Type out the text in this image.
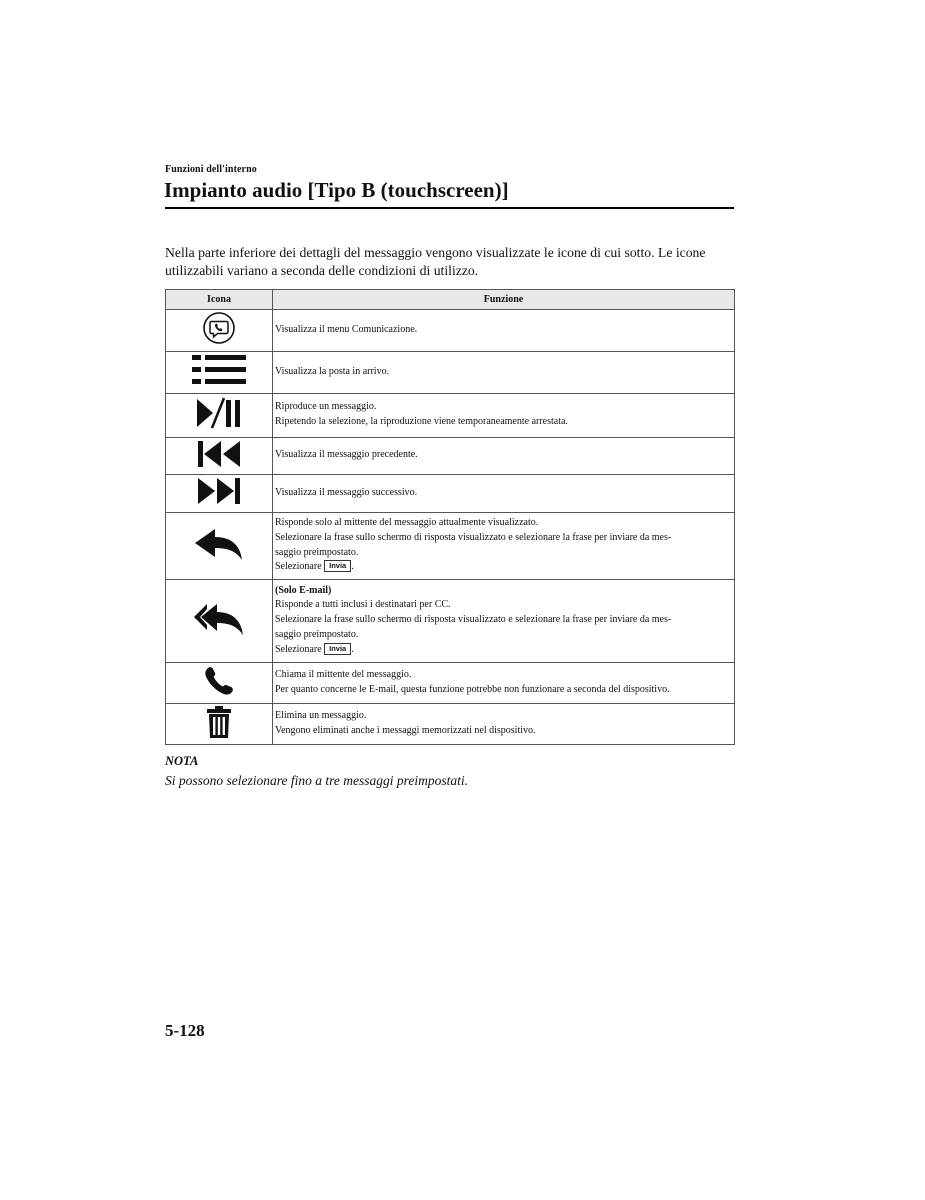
Funzioni dell'interno
Impianto audio [Tipo B (touchscreen)]

Nella parte inferiore dei dettagli del messaggio vengono visualizzate le icone di cui sotto. Le icone utilizzabili variano a seconda delle condizioni di utilizzo.

Icona	Funzione

Visualizza il menu Comunicazione.

Visualizza la posta in arrivo.

Riproduce un messaggio.
Ripetendo la selezione, la riproduzione viene temporaneamente arrestata.

Visualizza il messaggio precedente.

Visualizza il messaggio successivo.

Risponde solo al mittente del messaggio attualmente visualizzato.
Selezionare la frase sullo schermo di risposta visualizzato e selezionare la frase per inviare da mes-
saggio preimpostato.
Selezionare Invia .

(Solo E-mail)
Risponde a tutti inclusi i destinatari per CC.
Selezionare la frase sullo schermo di risposta visualizzato e selezionare la frase per inviare da mes-
saggio preimpostato.
Selezionare Invia .

Chiama il mittente del messaggio.
Per quanto concerne le E-mail, questa funzione potrebbe non funzionare a seconda del dispositivo.

Elimina un messaggio.
Vengono eliminati anche i messaggi memorizzati nel dispositivo.
NOTA
Si possono selezionare fino a tre messaggi preimpostati.
5-128
